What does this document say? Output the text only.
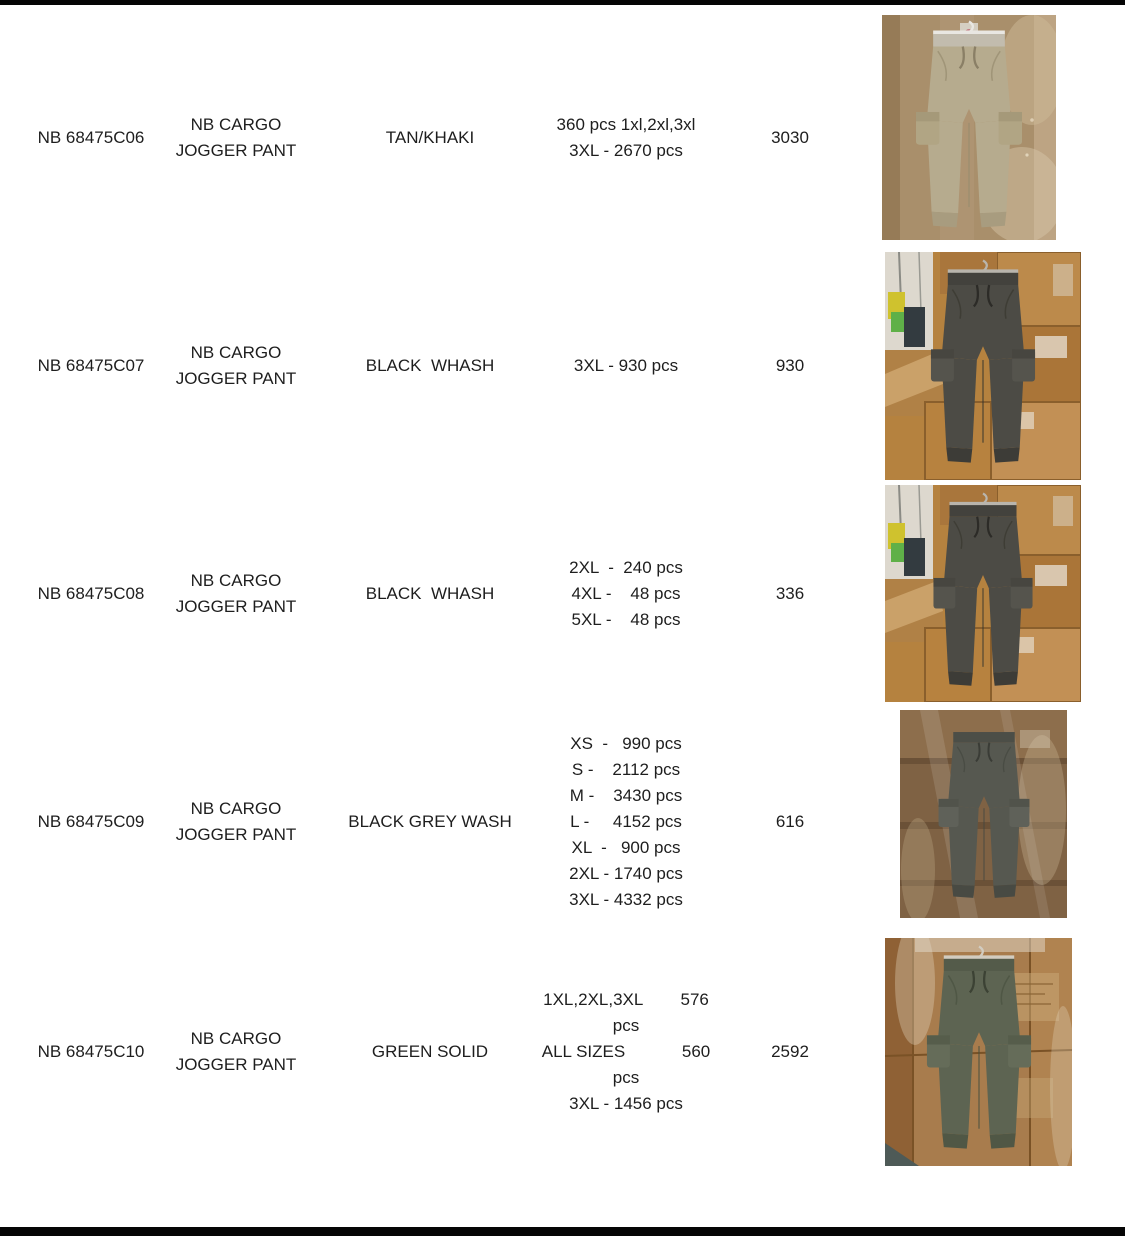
NB 68475C06
NB CARGO
JOGGER PANT
TAN/KHAKI
360 pcs 1xl,2xl,3xl
3XL - 2670 pcs
3030
NB 68475C07
NB CARGO
JOGGER PANT
BLACK  WHASH	3XL - 930 pcs	930
NB 68475C08
NB CARGO
JOGGER PANT
BLACK  WHASH
2XL  -  240 pcs
4XL -    48 pcs
5XL -    48 pcs
336
NB 68475C09
NB CARGO
JOGGER PANT
BLACK GREY WASH
XS  -   990 pcs
S -    2112 pcs
M -    3430 pcs
L -     4152 pcs
XL  -   900 pcs
2XL - 1740 pcs
3XL - 4332 pcs
616
NB 68475C10
NB CARGO
JOGGER PANT
GREEN SOLID
1XL,2XL,3XL        576
pcs
ALL SIZES            560
pcs
3XL - 1456 pcs
2592
